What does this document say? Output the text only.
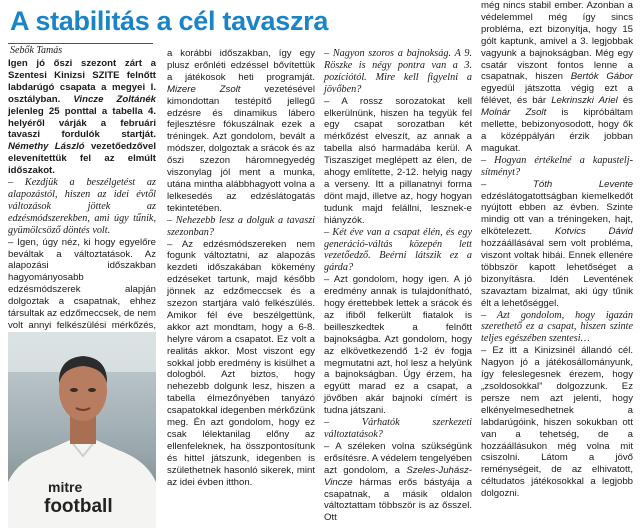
A stabilitás a cél tavaszra
Sebők Tamás

Igen jó őszi szezont zárt a Szentesi Kinizsi SZITE felnőtt labdarúgó csapata a megyei I. osztályban. Vincze Zoltánék jelenleg 25 ponttal a tabella 4. helyéről várják a februári tavaszi fordulók startját. Némethy László vezetőedzővel elevenítettük fel az elmúlt időszakot.

– Kezdjük a beszélgetést az alapozástól, hiszen az idei évtől változások jöttek az edzésmódszerekben, ami úgy tűnik, gyümölcsöző döntés volt.

– Igen, úgy néz, ki hogy egyelőre beváltak a változtatások. Az alapozási időszakban hagyományosabb edzésmódszerek alapján dolgoztak a csapatnak, ehhez társultak az edzőmeccsek, de nem volt annyi felkészülési mérkőzés,

mitre
football

a korábbi időszakban, így egy plusz erőnléti edzéssel bővítettük a játékosok heti programját. Mizere Zsolt vezetésével kimondottan testépítő jellegű edzésre és dinamikus lábero fejlesztésre fókuszálnak ezek a tréningek. Azt gondolom, bevált a módszer, dolgoztak a srácok és az őszi szezon háromnegyedég viszonylag jól ment a munka, utána mintha alábbhagyott volna a lelkesedés az edzéslátogatás tekintetében.

– Nehezebb lesz a dolguk a tavaszi szezonban?

– Az edzésmódszereken nem fogunk változtatni, az alapozás kezdeti időszakában kökemény edzéseket tartunk, majd később jönnek az edzőmeccsek és a szezon startjára való felkészülés. Amikor fél éve beszélgettünk, akkor azt mondtam, hogy a 6-8. helyre várom a csapatot. Ez volt a realitás akkor. Most viszont egy sokkal jobb eredmény is kisülhet a dologból. Azt biztos, hogy nehezebb dolgunk lesz, hiszen a tabella élmezőnyében tanyázó csapatokkal idegenben mérkőzünk meg. Én azt gondolom, hogy ez csak lélektanilag előny az ellenfeleknek, ha összpontosítunk és hittel játszunk, idegenben is születhetnek hasonló sikerek, mint az idei évben itthon.

– Nagyon szoros a bajnokság. A 9. Röszke is négy pontra van a 3. pozíciótól. Mire kell figyelni a jövőben?

– A rossz sorozatokat kell elkerülnünk, hiszen ha tegyük fel egy csapat sorozatban két mérkőzést elveszít, az annak a tabella alsó harmadába kerül. A Tiszasziget meglépett az élen, de ahogy említette, 2-12. helyig nagy a verseny. Itt a pillanatnyi forma dönt majd, illetve az, hogy hogyan tudunk majd felállni, lesznek-e hiányzók.

– Két éve van a csapat élén, és egy generáció-váltás közepén lett vezetőedző. Beérni látszik ez a gárda?

– Azt gondolom, hogy igen. A jó eredmény annak is tulajdonítható, hogy érettebbek lettek a srácok és az ifiből felkerült fiatalok is beilleszkedtek a felnőtt bajnokságba. Azt gondolom, hogy az elkövetkezendő 1-2 év fogja megmutatni azt, hol lesz a helyünk a bajnokságban. Úgy érzem, ha együtt marad ez a csapat, a jövőben akár bajnoki címért is tudna játszani.

– Várhatók szerkezeti változtatások?

– A széleken volna szükségünk erősítésre. A védelem tengelyében azt gondolom, a Szeles-Juhász-Vincze hármas erős bástyája a csapatnak, a másik oldalon változtattam többször is az ősszel. Ott

még nincs stabil ember. Azonban a védelemmel még így sincs probléma, ezt bizonyítja, hogy 15 gólt kaptunk, amivel a 3. legjobbak vagyunk a bajnokságban. Még egy csatár viszont fontos lenne a csapatnak, hiszen Bertók Gábor egyedül játszotta végig ezt a félévet, és bár Lekrinszki Ariel és Molnár Zsolt is kipróbáltam mellette, bebizonyosodott, hogy ők a középpályán érzik jobban magukat.

– Hogyan értékelné a kapustelj-sítményt?

– Tóth Levente edzéslátogatottságban kiemelkedőt nyújtott ebben az évben. Szinte mindig ott van a tréningeken, hajt, elkötelezett. Kotvics Dávid hozzáállásával sem volt probléma, viszont voltak hibái. Ennek ellenére többször kapott lehetőséget a bizonyításra. Idén Leventének szavaztam bizalmat, aki úgy tűnik élt a lehetőséggel.

– Azt gondolom, hogy igazán szerethető ez a csapat, hiszen szinte teljes egészében szentesi…

– Ez itt a Kinizsinél állandó cél. Nagyon jó a játékosállományunk, így feleslegesnek érezem, hogy „zsoldosokkal” dolgozzunk. Ez persze nem azt jelenti, hogy elkényelmesedhetnek a labdarúgóink, hiszen sokukban ott van a tehetség, de a hozzáállásukon még volna mit csiszolni. Látom a jövő reménységeit, de az elhivatott, céltudatos játékosokkal a legjobb dolgozni.
